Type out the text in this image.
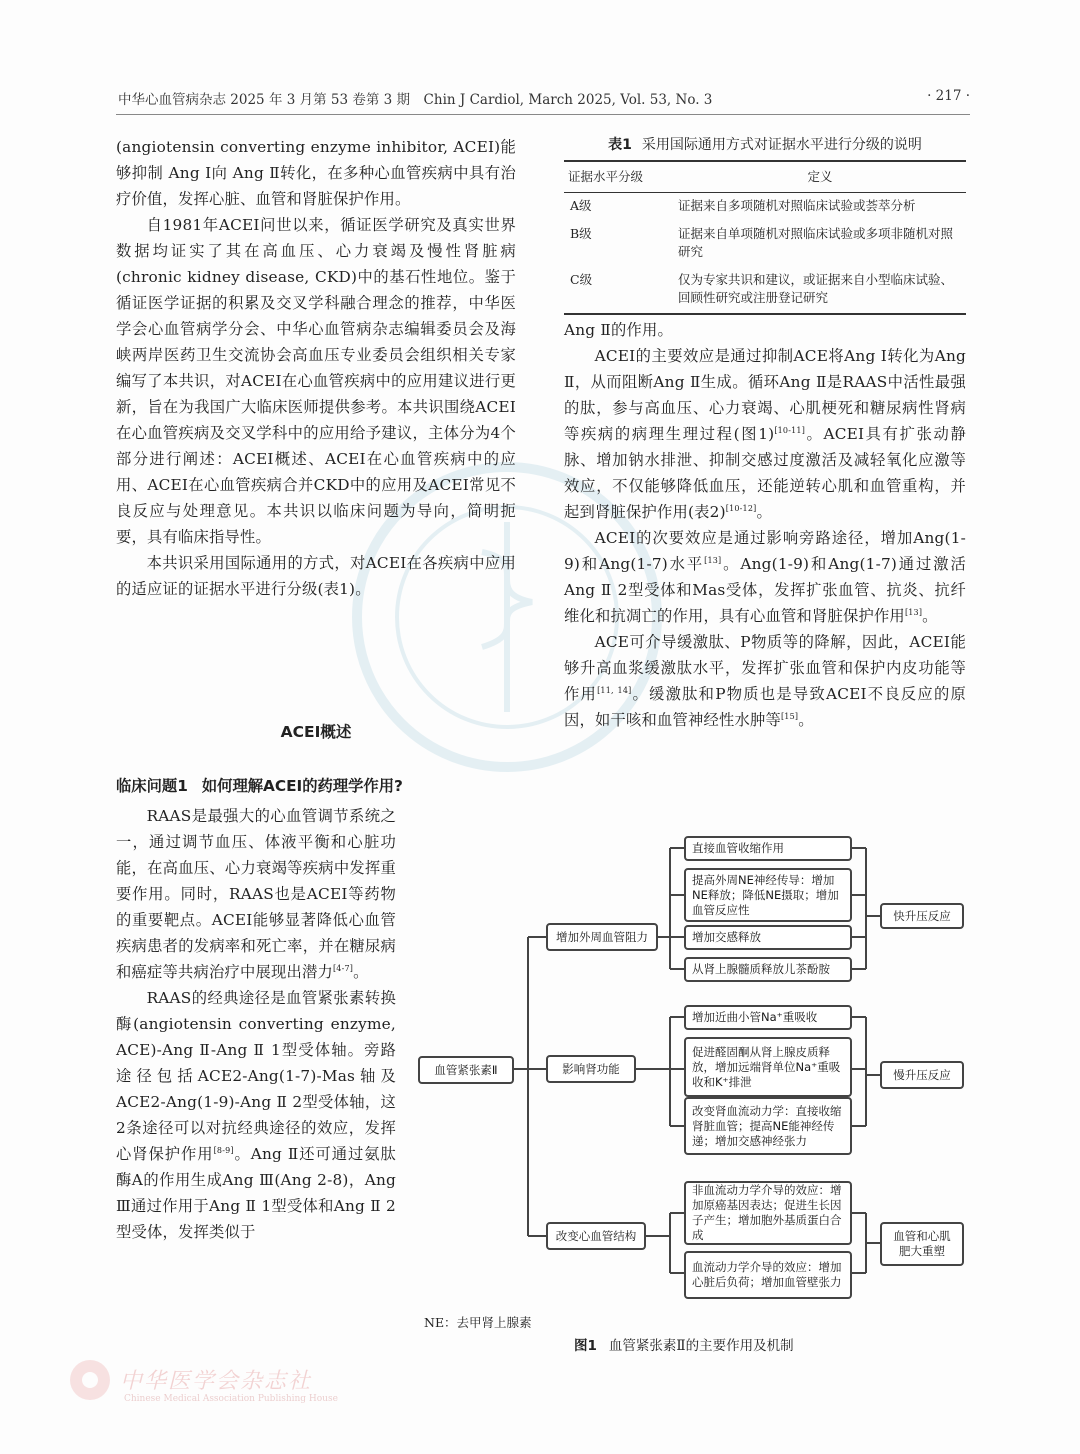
中华心血管病杂志 2025 年 3 月第 53 卷第 3 期　Chin J Cardiol, March 2025, Vol. 53, No. 3	· 217 ·

(angiotensin converting enzyme inhibitor, ACEI)能够抑制 Ang Ⅰ向 Ang Ⅱ转化，在多种心血管疾病中具有治疗价值，发挥心脏、血管和肾脏保护作用。

自1981年ACEI问世以来，循证医学研究及真实世界数据均证实了其在高血压、心力衰竭及慢性肾脏病(chronic kidney disease, CKD)中的基石性地位。鉴于循证医学证据的积累及交叉学科融合理念的推荐，中华医学会心血管病学分会、中华心血管病杂志编辑委员会及海峡两岸医药卫生交流协会高血压专业委员会组织相关专家编写了本共识，对ACEI在心血管疾病中的应用建议进行更新，旨在为我国广大临床医师提供参考。本共识围绕ACEI在心血管疾病及交叉学科中的应用给予建议，主体分为4个部分进行阐述：ACEI概述、ACEI在心血管疾病中的应用、ACEI在心血管疾病合并CKD中的应用及ACEI常见不良反应与处理意见。本共识以临床问题为导向，简明扼要，具有临床指导性。

本共识采用国际通用的方式，对ACEI在各疾病中应用的适应证的证据水平进行分级(表1)。

ACEI概述
临床问题1 如何理解ACEI的药理学作用?

RAAS是最强大的心血管调节系统之一，通过调节血压、体液平衡和心脏功能，在高血压、心力衰竭等疾病中发挥重要作用。同时，RAAS也是ACEI等药物的重要靶点。ACEI能够显著降低心血管疾病患者的发病率和死亡率，并在糖尿病和癌症等共病治疗中展现出潜力[4-7]。

RAAS的经典途径是血管紧张素转换酶(angiotensin converting enzyme, ACE)-Ang Ⅱ-Ang Ⅱ 1型受体轴。旁路途径包括ACE2-Ang(1-7)-Mas轴及ACE2-Ang(1-9)-Ang Ⅱ 2型受体轴，这2条途径可以对抗经典途径的效应，发挥心肾保护作用[8-9]。Ang Ⅱ还可通过氨肽酶A的作用生成Ang Ⅲ(Ang 2-8)，Ang Ⅲ通过作用于Ang Ⅱ 1型受体和Ang Ⅱ 2型受体，发挥类似于

表1 采用国际通用方式对证据水平进行分级的说明
证据水平分级	定义
A级	证据来自多项随机对照临床试验或荟萃分析
B级	证据来自单项随机对照临床试验或多项非随机对照研究
C级	仅为专家共识和建议，或证据来自小型临床试验、回顾性研究或注册登记研究

Ang Ⅱ的作用。

ACEI的主要效应是通过抑制ACE将Ang Ⅰ转化为Ang Ⅱ，从而阻断Ang Ⅱ生成。循环Ang Ⅱ是RAAS中活性最强的肽，参与高血压、心力衰竭、心肌梗死和糖尿病性肾病等疾病的病理生理过程(图1)[10-11]。ACEI具有扩张动静脉、增加钠水排泄、抑制交感过度激活及减轻氧化应激等效应，不仅能够降低血压，还能逆转心肌和血管重构，并起到肾脏保护作用(表2)[10-12]。

ACEI的次要效应是通过影响旁路途径，增加Ang(1-9)和Ang(1-7)水平[13]。Ang(1-9)和Ang(1-7)通过激活Ang Ⅱ 2型受体和Mas受体，发挥扩张血管、抗炎、抗纤维化和抗凋亡的作用，具有心血管和肾脏保护作用[13]。

ACE可介导缓激肽、P物质等的降解，因此，ACEI能够升高血浆缓激肽水平，发挥扩张血管和保护内皮功能等作用[11, 14]。缓激肽和P物质也是导致ACEI不良反应的原因，如干咳和血管神经性水肿等[15]。

血管紧张素Ⅱ
增加外周血管阻力
影响肾功能
改变心血管结构
直接血管收缩作用
提高外周NE神经传导：增加NE释放；降低NE摄取；增加血管反应性
增加交感释放
从肾上腺髓质释放儿茶酚胺
增加近曲小管Na⁺重吸收
促进醛固酮从肾上腺皮质释放，增加远端肾单位Na⁺重吸收和K⁺排泄
改变肾血流动力学：直接收缩肾脏血管；提高NE能神经传递；增加交感神经张力
非血流动力学介导的效应：增加原癌基因表达；促进生长因子产生；增加胞外基质蛋白合成
血流动力学介导的效应：增加心脏后负荷；增加血管壁张力
快升压反应
慢升压反应
血管和心肌肥大重塑
NE：去甲肾上腺素
图1 血管紧张素Ⅱ的主要作用及机制
中华医学会杂志社
Chinese Medical Association Publishing House
